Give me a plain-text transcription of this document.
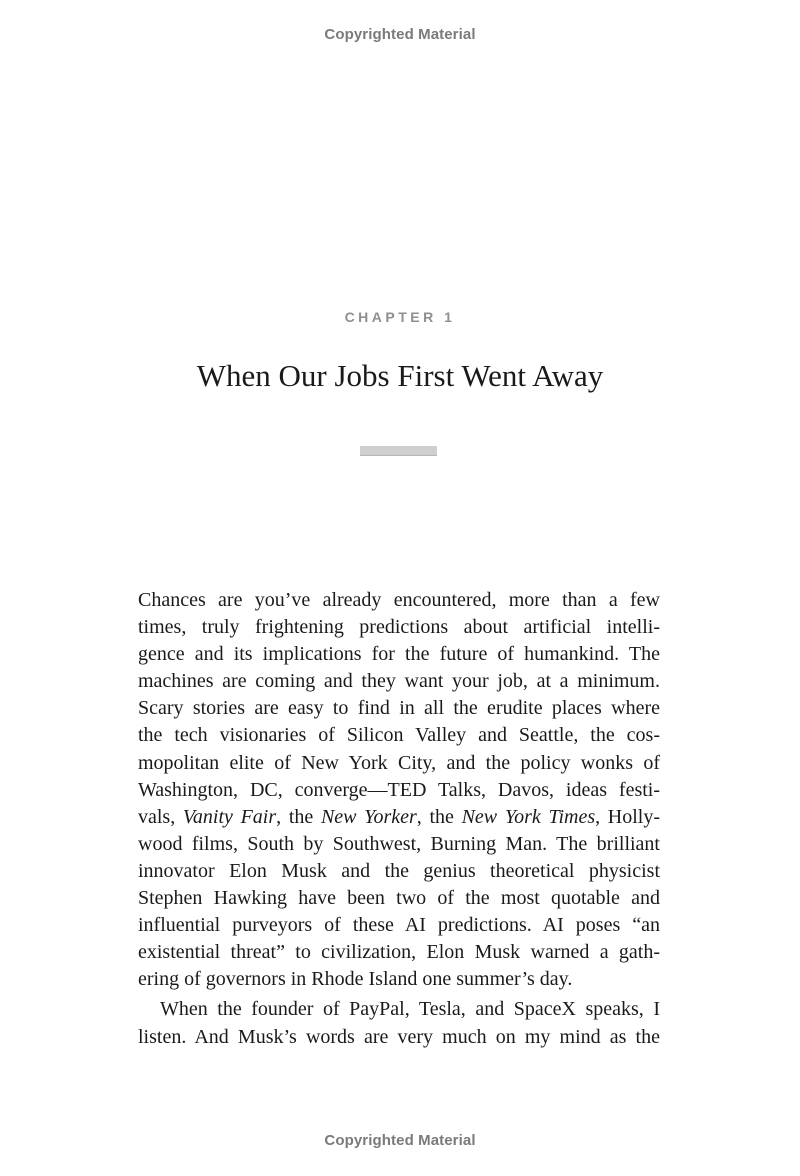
Copyrighted Material
CHAPTER 1
When Our Jobs First Went Away

Chances are you’ve already encountered, more than a few
times, truly frightening predictions about artificial intelli-
gence and its implications for the future of humankind. The
machines are coming and they want your job, at a minimum.
Scary stories are easy to find in all the erudite places where
the tech visionaries of Silicon Valley and Seattle, the cos-
mopolitan elite of New York City, and the policy wonks of
Washington, DC, converge—TED Talks, Davos, ideas festi-
vals, Vanity Fair, the New Yorker, the New York Times, Holly-
wood films, South by Southwest, Burning Man. The brilliant
innovator Elon Musk and the genius theoretical physicist
Stephen Hawking have been two of the most quotable and
influential purveyors of these AI predictions. AI poses “an
existential threat” to civilization, Elon Musk warned a gath-
ering of governors in Rhode Island one summer’s day.

When the founder of PayPal, Tesla, and SpaceX speaks, I
listen. And Musk’s words are very much on my mind as the

Copyrighted Material
